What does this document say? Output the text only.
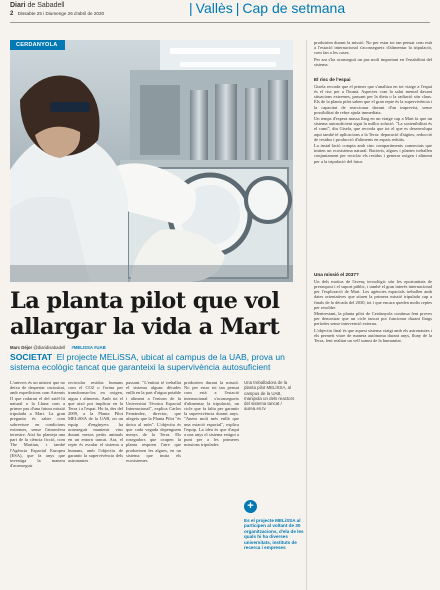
Diari de Sabadell
2 Dissabte 25 i Diumenge 26 d'abril de 2020	| Vallès | Cap de setmana
CERDANYOLA	produirien durant la missió. No per estar tot tan pensat com està a l'estació internacional s'aconsegueix d'alimentar la tripulació, com fan a les cases.

Per ara s'ha aconseguit un pas molt important en l'estabilitat del sistema.

El risc de l'espai

Gisela recorda que el primer que s'analitza en tot viatge a l'espai és el risc per a l'humà. Aspectes com la salut mental davant situacions extremes, passant per la dieta o la radiació són claus. Els de la planta pilot saben que el gran repte és la supervivència i la capacitat de reaccionar davant d'un imprevist, sense possibilitat de rebre ajuda immediata.

Un temps d'espera massa llarg en un viatge cap a Mart fa que un sistema autosuficient sigui la millor solució. "La sostenibilitat és el camí", diu Gisela, que recorda que tot el que es desenvolupa aquí també té aplicacions a la Terra: depuració d'aigües, reducció de residus i producció d'aliments en espais reduïts.

La instal·lació compta amb cinc compartiments connectats que imiten un ecosistema natural. Bacteris, algues i plantes treballen conjuntament per reciclar els residus i generar oxigen i aliment per a la tripulació del futur.

Una missió el 2037?

Un dels motius de l'avenç tecnològic són les oportunitats de pressupost i el suport públic, i també el gran interès internacional per l'exploració de Mart. Les agències espacials treballen amb dates orientatives que situen la primera missió tripulada cap a finals de la dècada del 2030, tot i que encara queden molts reptes per resoldre.

Mentrestant, la planta pilot de Cerdanyola continua fent proves per demostrar que un cicle tancat pot funcionar durant llargs períodes sense intervenció externa.

L'objectiu final és que aquest sistema viatgi amb els astronautes i els permeti viure de manera autònoma durant anys, lluny de la Terra, fent realitat un vell somni de la humanitat.

La planta pilot que vol allargar la vida a Mart
Marc Déjor @diaridisabadell #MELISSA #UAB
SOCIETAT El projecte MELiSSA, ubicat al campus de la UAB, prova un sistema ecològic tancat que garanteixi la supervivència autosuficient
L'univers és un misteri que no deixa de despertar curiositat, amb expedicions com Artemis II que rodaran el del satèl·lit natural o la Lluna com a primer pas d'una futura missió tripulada a Mart. La gran pregunta és saber com sobreviure en condicions extremes, sense l'atmosfera terrestre. Així ho planteja una part de la ciència ficció, com The Martian, i també l'Agència Espacial Europea (ESA), que fa anys que investiga la manera d'aconseguir
recircular residus humans com el CO2 o l'orina per transformar-los en oxigen, aigua i aliments. Amb tot el que això pot implicar en la Terra i a l'espai. Ho fa, des del 2009, a la Planta Pilot MELiSSA de la UAB, on un equip d'enginyers ha aconseguit mantenir vius durant mesos petits animals en un entorn tancat. Ara, el repte és escalar el sistema a humans, amb l'objectiu de garantir la supervivència dels astronautes
passant. "L'entitat té treballat el sistema alguns dècades enllà en la part d'aigua potable i aliment a l'entorn de la Universitat Tècnica Espacial Internacional", explica Carlos Fernàndez, director, que afegeix que la Planta Pilot "és única al món". L'objectiu és que cada vegada depenguem menys de la Terra. Els rosegadors que ocupen la planta respiren l'aire que produeixen les algues, en un sistema que imita els ecosistemes
produirien durant la missió. No per estar tot tan pensat com està a l'estació internacional s'aconsegueix d'alimentar la tripulació, un cicle que fa falta per garantir la supervivència durant anys. "Anem molt més enllà que una estació espacial", explica l'equip. La idea és que d'aquí a uns anys el sistema estigui a punt per a les primeres missions tripulades
Una treballadora de la planta pilot MELiSSA, al campus de la UAB, manipula un dels reactors del sistema tancat / aurea.es.tv
+
Es el projecte MELiSSA al participen al voltant de 30 organitzacions, d'ela de les quals hi ha diverses universitats, instituts de recerca i empreses
